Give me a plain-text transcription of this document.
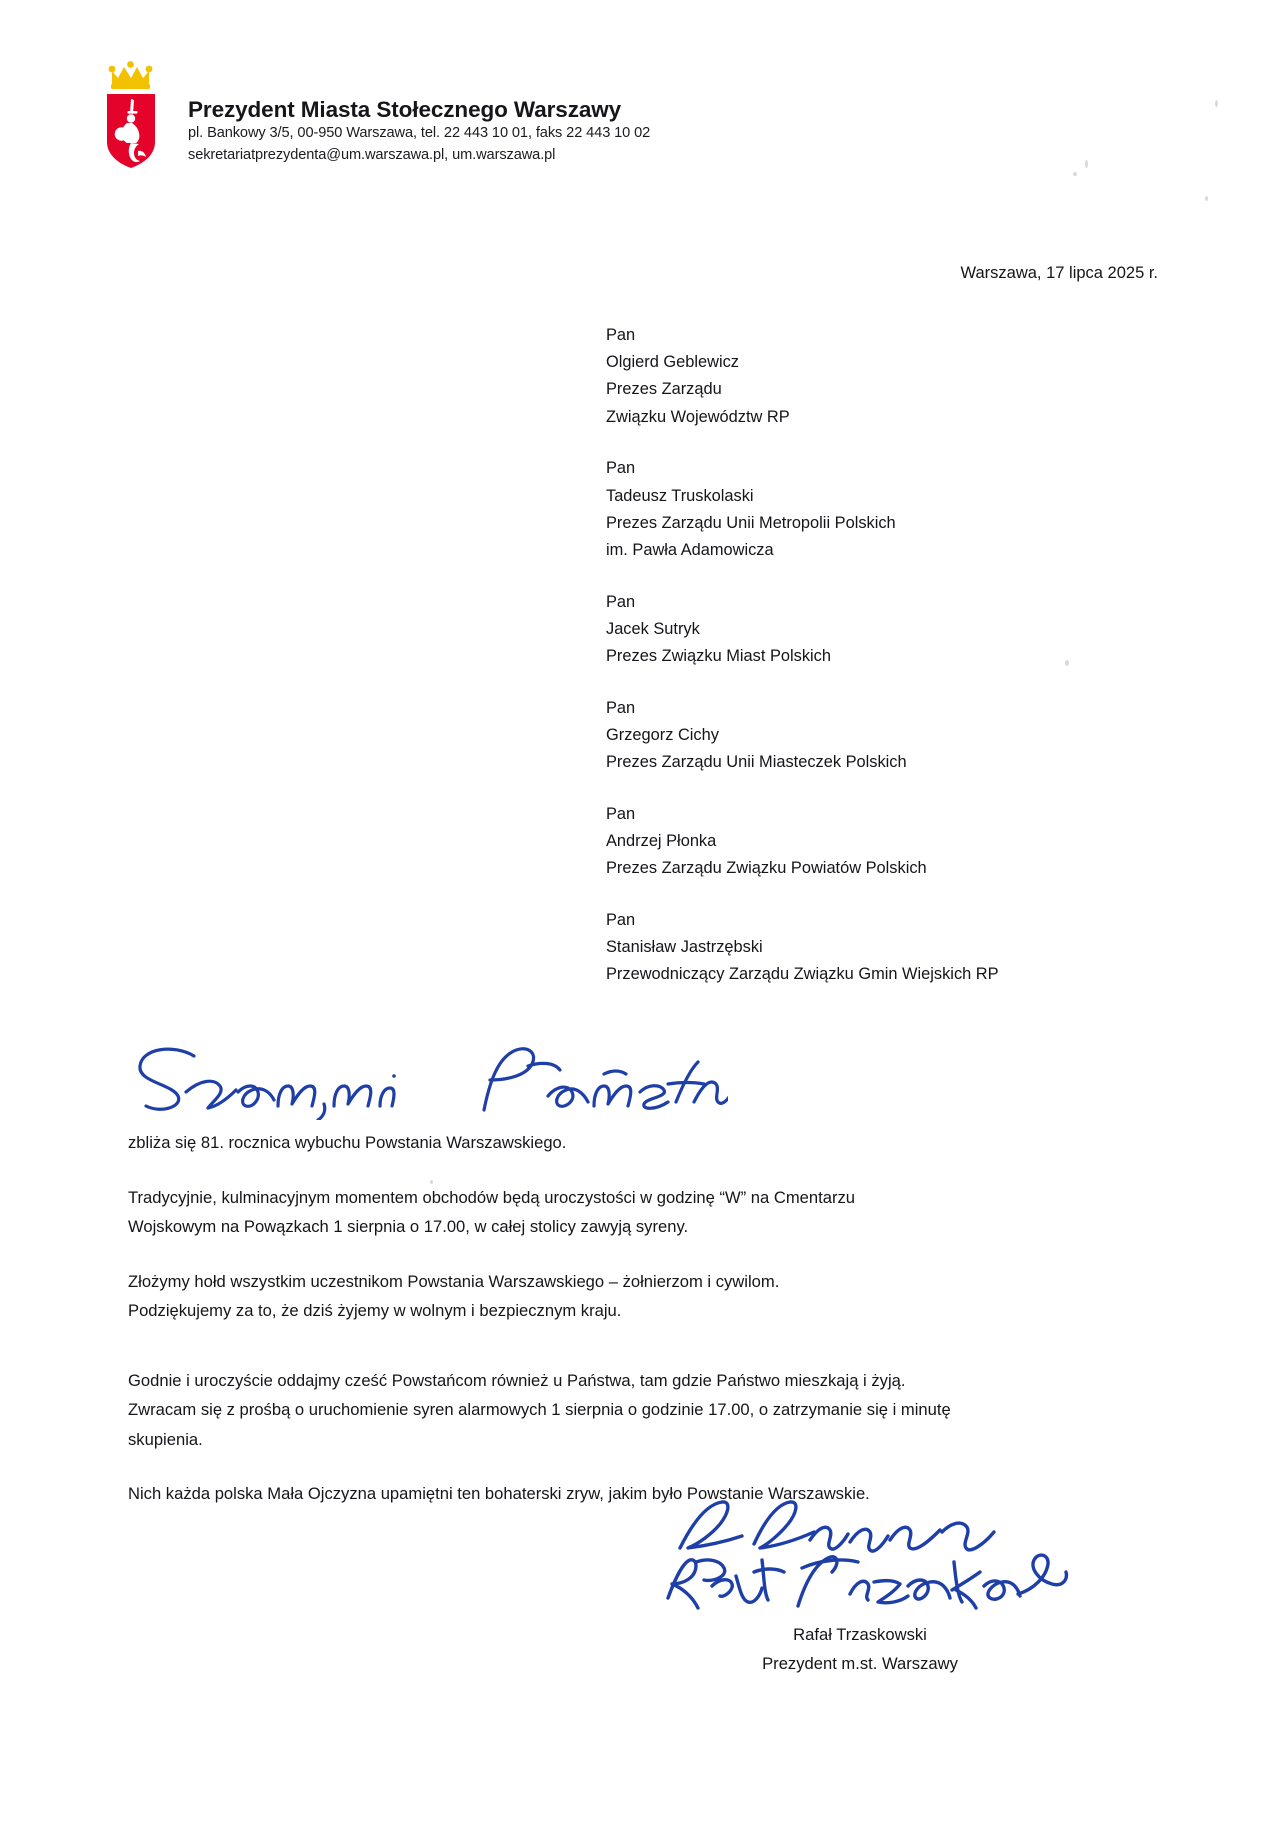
Prezydent Miasta Stołecznego Warszawy
pl. Bankowy 3/5, 00-950 Warszawa, tel. 22 443 10 01, faks 22 443 10 02
sekretariatprezydenta@um.warszawa.pl, um.warszawa.pl
Warszawa, 17 lipca 2025 r.
Pan
Olgierd Geblewicz
Prezes Zarządu
Związku Województw RP
Pan
Tadeusz Truskolaski
Prezes Zarządu Unii Metropolii Polskich
im. Pawła Adamowicza
Pan
Jacek Sutryk
Prezes Związku Miast Polskich
Pan
Grzegorz Cichy
Prezes Zarządu Unii Miasteczek Polskich
Pan
Andrzej Płonka
Prezes Zarządu Związku Powiatów Polskich
Pan
Stanisław Jastrzębski
Przewodniczący Zarządu Związku Gmin Wiejskich RP

zbliża się 81. rocznica wybuchu Powstania Warszawskiego.

Tradycyjnie, kulminacyjnym momentem obchodów będą uroczystości w godzinę “W” na Cmentarzu
Wojskowym na Powązkach 1 sierpnia o 17.00, w całej stolicy zawyją syreny.

Złożymy hołd wszystkim uczestnikom Powstania Warszawskiego – żołnierzom i cywilom.
Podziękujemy za to, że dziś żyjemy w wolnym i bezpiecznym kraju.

Godnie i uroczyście oddajmy cześć Powstańcom również u Państwa, tam gdzie Państwo mieszkają i żyją.
Zwracam się z prośbą o uruchomienie syren alarmowych 1 sierpnia o godzinie 17.00, o zatrzymanie się i minutę
skupienia.

Nich każda polska Mała Ojczyzna upamiętni ten bohaterski zryw, jakim było Powstanie Warszawskie.

Rafał Trzaskowski
Prezydent m.st. Warszawy
